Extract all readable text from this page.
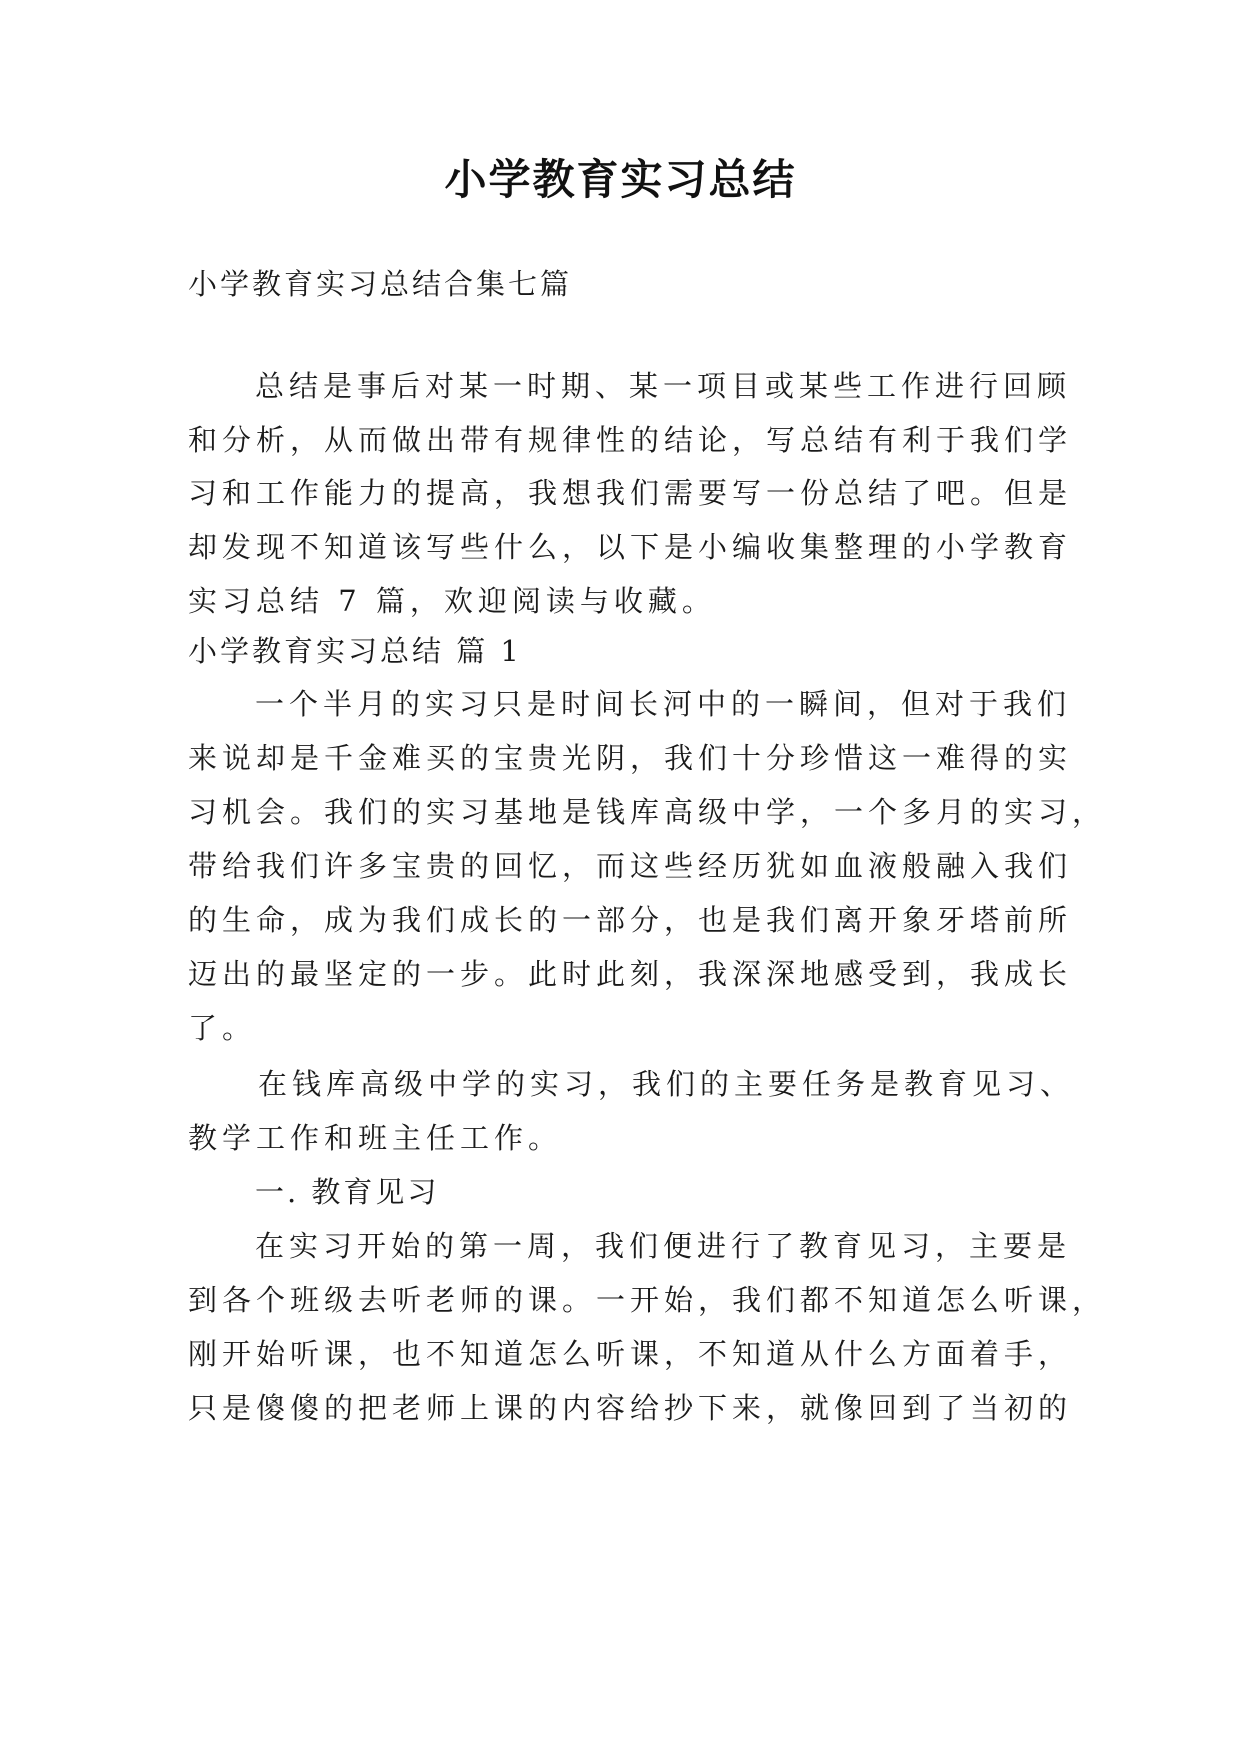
小学教育实习总结
小学教育实习总结合集七篇
总结是事后对某一时期、某一项目或某些工作进行回顾
和分析，从而做出带有规律性的结论，写总结有利于我们学
习和工作能力的提高，我想我们需要写一份总结了吧。但是
却发现不知道该写些什么，以下是小编收集整理的小学教育
实习总结 7 篇，欢迎阅读与收藏。
小学教育实习总结 篇 1
一个半月的实习只是时间长河中的一瞬间，但对于我们
来说却是千金难买的宝贵光阴，我们十分珍惜这一难得的实
习机会。我们的实习基地是钱库高级中学，一个多月的实习，
带给我们许多宝贵的回忆，而这些经历犹如血液般融入我们
的生命，成为我们成长的一部分，也是我们离开象牙塔前所
迈出的最坚定的一步。此时此刻，我深深地感受到，我成长
了。
在钱库高级中学的实习，我们的主要任务是教育见习、
教学工作和班主任工作。
一. 教育见习
在实习开始的第一周，我们便进行了教育见习，主要是
到各个班级去听老师的课。一开始，我们都不知道怎么听课，
刚开始听课，也不知道怎么听课，不知道从什么方面着手，
只是傻傻的把老师上课的内容给抄下来，就像回到了当初的
